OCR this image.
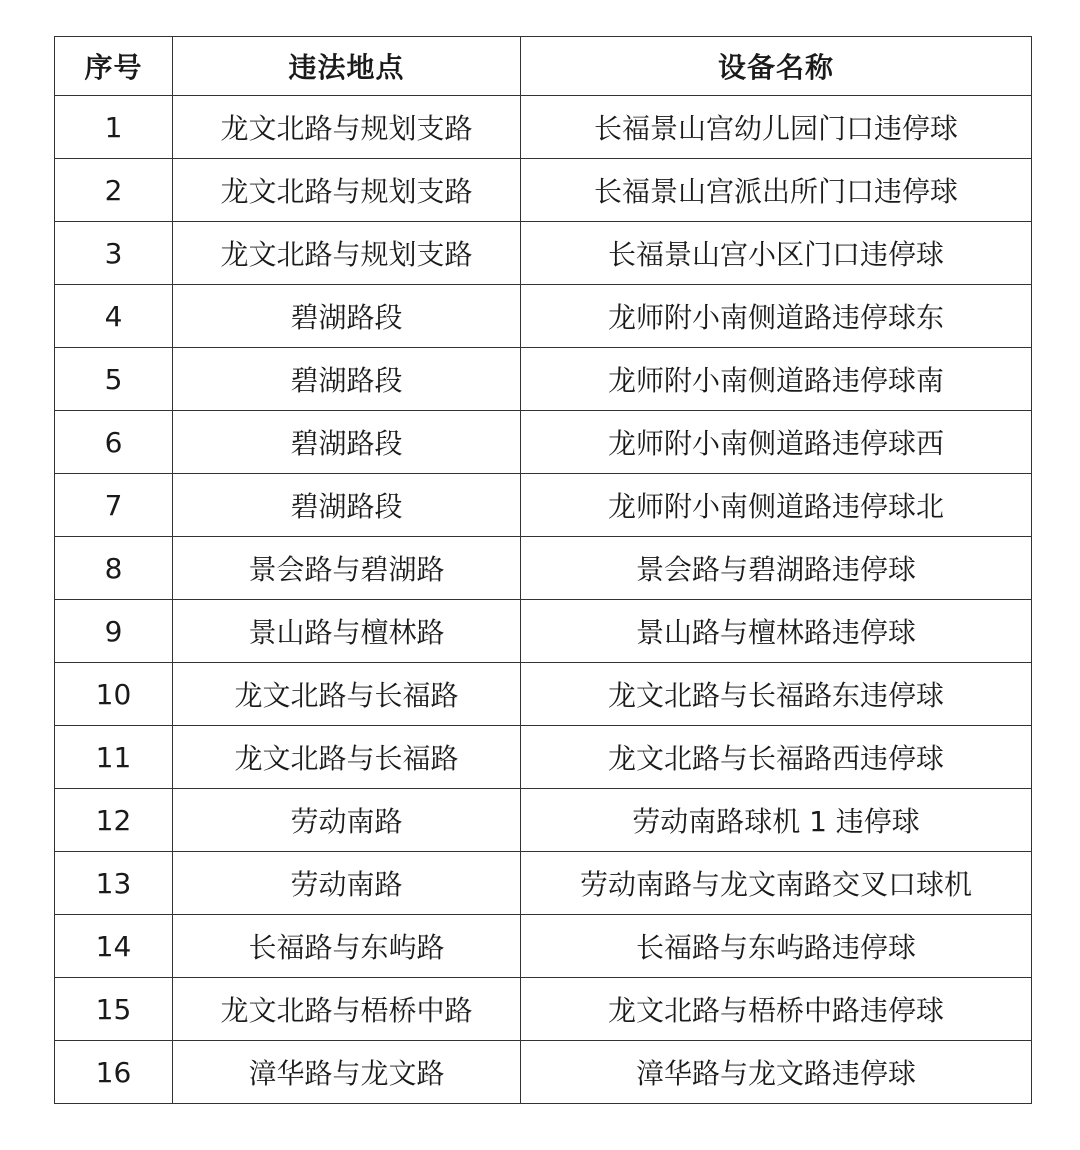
序号	违法地点	设备名称
1	龙文北路与规划支路	长福景山宫幼儿园门口违停球
2	龙文北路与规划支路	长福景山宫派出所门口违停球
3	龙文北路与规划支路	长福景山宫小区门口违停球
4	碧湖路段	龙师附小南侧道路违停球东
5	碧湖路段	龙师附小南侧道路违停球南
6	碧湖路段	龙师附小南侧道路违停球西
7	碧湖路段	龙师附小南侧道路违停球北
8	景会路与碧湖路	景会路与碧湖路违停球
9	景山路与檀林路	景山路与檀林路违停球
10	龙文北路与长福路	龙文北路与长福路东违停球
11	龙文北路与长福路	龙文北路与长福路西违停球
12	劳动南路	劳动南路球机 1 违停球
13	劳动南路	劳动南路与龙文南路交叉口球机
14	长福路与东屿路	长福路与东屿路违停球
15	龙文北路与梧桥中路	龙文北路与梧桥中路违停球
16	漳华路与龙文路	漳华路与龙文路违停球
